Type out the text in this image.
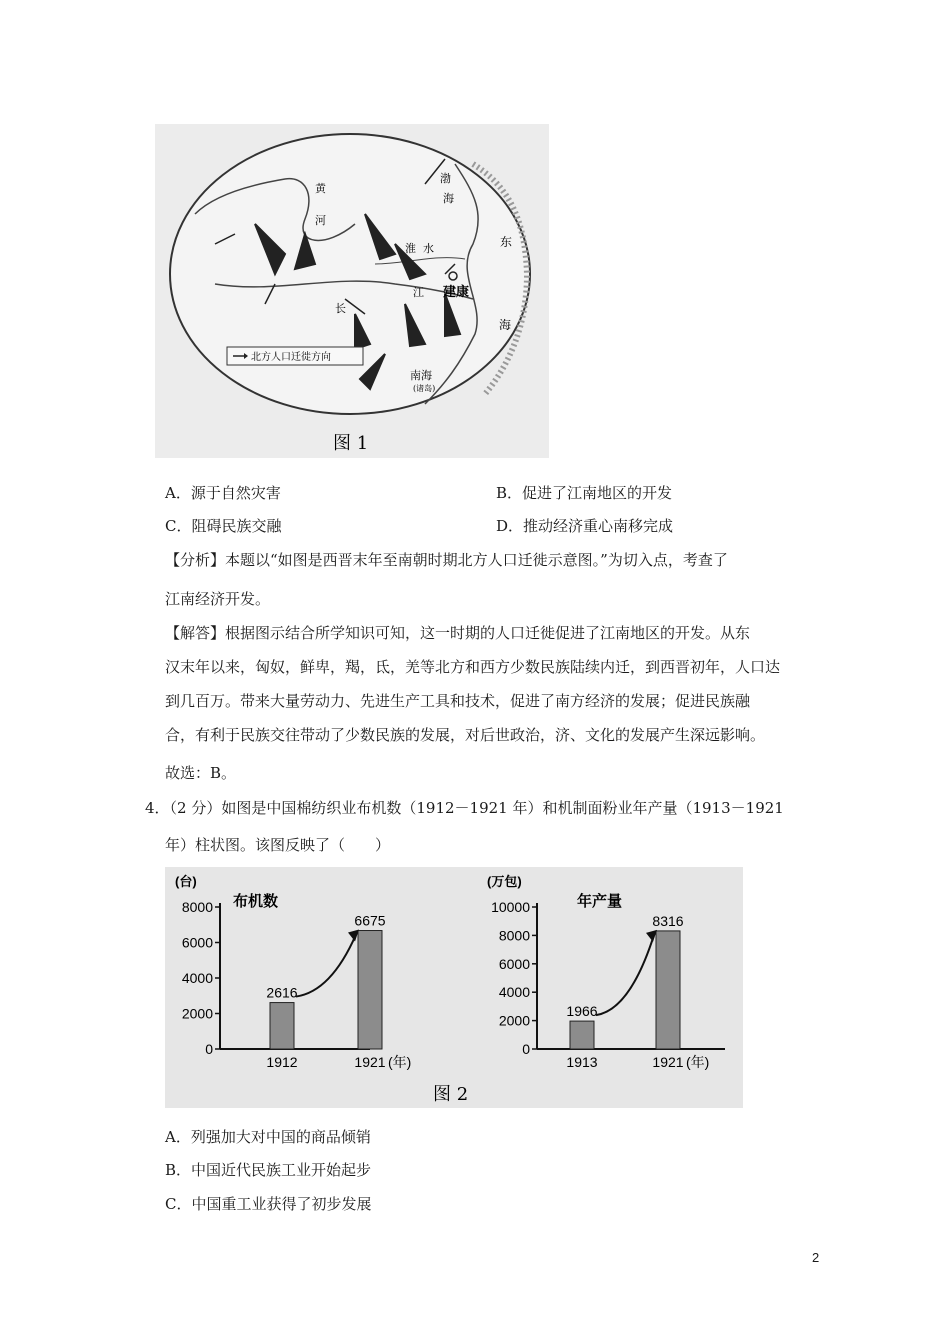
黄
河
渤
海
淮 水	东
长
江 建康
海
南海
(诸岛)
北方人口迁徙方向
图 1
A．源于自然灾害	B．促进了江南地区的开发
C．阻碍民族交融	D．推动经济重心南移完成
【分析】本题以“如图是西晋末年至南朝时期北方人口迁徙示意图。”为切入点，考查了
江南经济开发。
【解答】根据图示结合所学知识可知，这一时期的人口迁徙促进了江南地区的开发。从东
汉末年以来，匈奴，鲜卑，羯，氐，羌等北方和西方少数民族陆续内迁，到西晋初年，人口达
到几百万。带来大量劳动力、先进生产工具和技术，促进了南方经济的发展；促进民族融
合，有利于民族交往带动了少数民族的发展，对后世政治，济、文化的发展产生深远影响。
故选：B。
4．（2 分）如图是中国棉纺织业布机数（1912－1921 年）和机制面粉业年产量（1913－1921
年）柱状图。该图反映了（　　）
图 2
(台)
布机数
0
2000
4000
6000
8000
2616
1912
6675
1921 (年)
(万包)
年产量
0
2000
4000
6000
8000
10000
1966
1913
8316
1921 (年)
A．列强加大对中国的商品倾销
B．中国近代民族工业开始起步
C．中国重工业获得了初步发展
2
